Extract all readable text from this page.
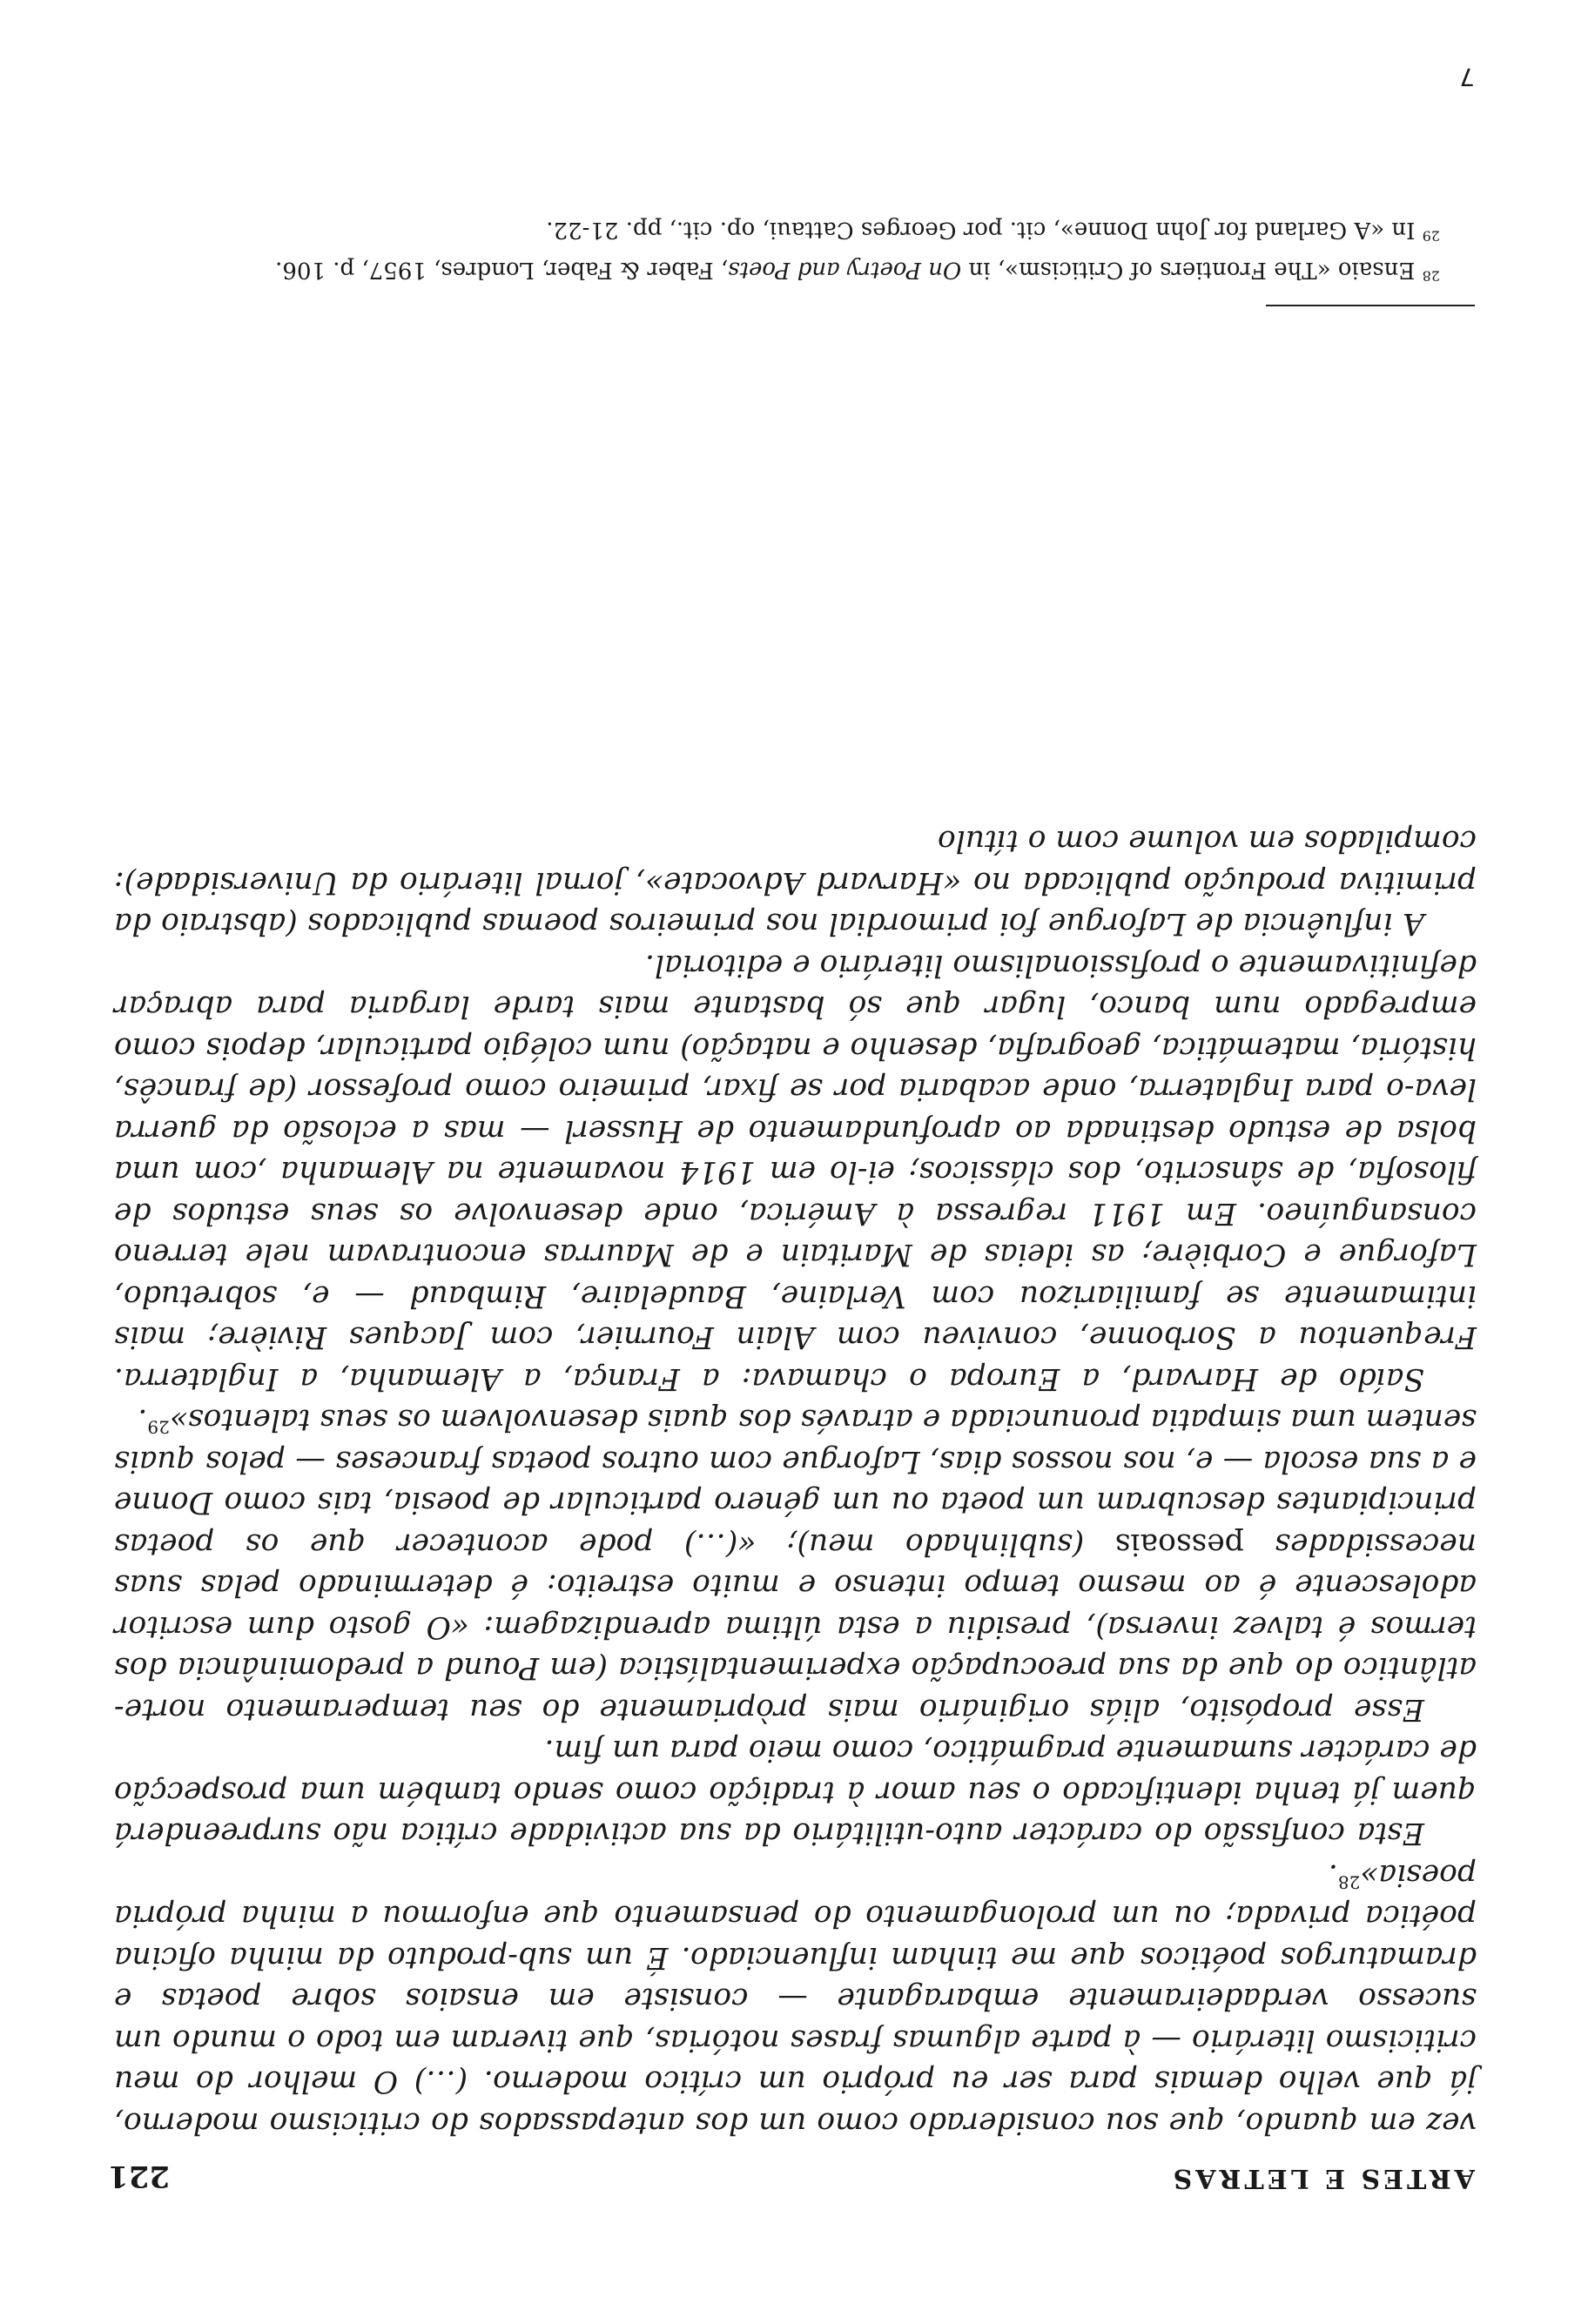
ARTES E LETRAS
221

vez em quando, que sou considerado como um dos antepassados do criticismo moderno, já que velho demais para ser eu próprio um crítico moderno. (…) O melhor do meu criticismo literário — à parte algumas frases notórias, que tiveram em todo o mundo um sucesso verdadeiramente embaragante — consiste em ensaios sobre poetas e dramaturgos poéticos que me tinham influenciado. É um sub-produto da minha oficina poética privada; ou um prolongamento do pensamento que enformou a minha própria poesia»$^{28}$.

Esta confissão do carácter auto-utilitário da sua actividade crítica não surpreenderá quem já tenha identificado o seu amor à tradição como sendo também uma prospecção de carácter sumamente pragmático, como meio para um fim.

Esse propósito, aliás originário mais pròpriamente do seu temperamento norte-atlântico do que da sua preocupação experimentalística (em Pound a predominância dos termos é talvez inversa), presidiu a esta última aprendizagem: «O gosto dum escritor adolescente é ao mesmo tempo intenso e muito estreito: é determinado pelas suas necessidades pessoais (sublinhado meu); «(…) pode acontecer que os poetas principiantes descubram um poeta ou um género particular de poesia, tais como Donne e a sua escola — e, nos nossos dias, Laforgue com outros poetas franceses — pelos quais sentem uma simpatia pronunciada e através dos quais desenvolvem os seus talentos»$^{29}$.

Saído de Harvard, a Europa o chamava: a França, a Alemanha, a Inglaterra. Frequentou a Sorbonne, conviveu com Alain Fournier, com Jacques Rivière; mais intimamente se familiarizou com Verlaine, Baudelaire, Rimbaud — e, sobretudo, Laforgue e Corbière; as ideias de Maritain e de Maurras encontravam nele terreno consanguíneo. Em 1911 regressa à América, onde desenvolve os seus estudos de filosofia, de sânscrito, dos clássicos; ei-lo em 1914 novamente na Alemanha ,com uma bolsa de estudo destinada ao aprofundamento de Husserl — mas a eclosão da guerra leva-o para Inglaterra, onde acabaria por se fixar, primeiro como professor (de francês, história, matemática, geografia, desenho e natação) num colégio particular, depois como empregado num banco, lugar que só bastante mais tarde largaria para abraçar definitivamente o profissionalismo literário e editorial.

A influência de Laforgue foi primordial nos primeiros poemas publicados (abstraio da primitiva produção publicada no «Harvard Advocate», jornal literário da Universidade): compilados em volume com o título

$^{28}$ Ensaio «The Frontiers of Criticism», in On Poetry and Poets, Faber & Faber, Londres, 1957, p. 106.

$^{29}$ In «A Garland for John Donne», cit. por Georges Cattaui, op. cit., pp. 21-22.

7
